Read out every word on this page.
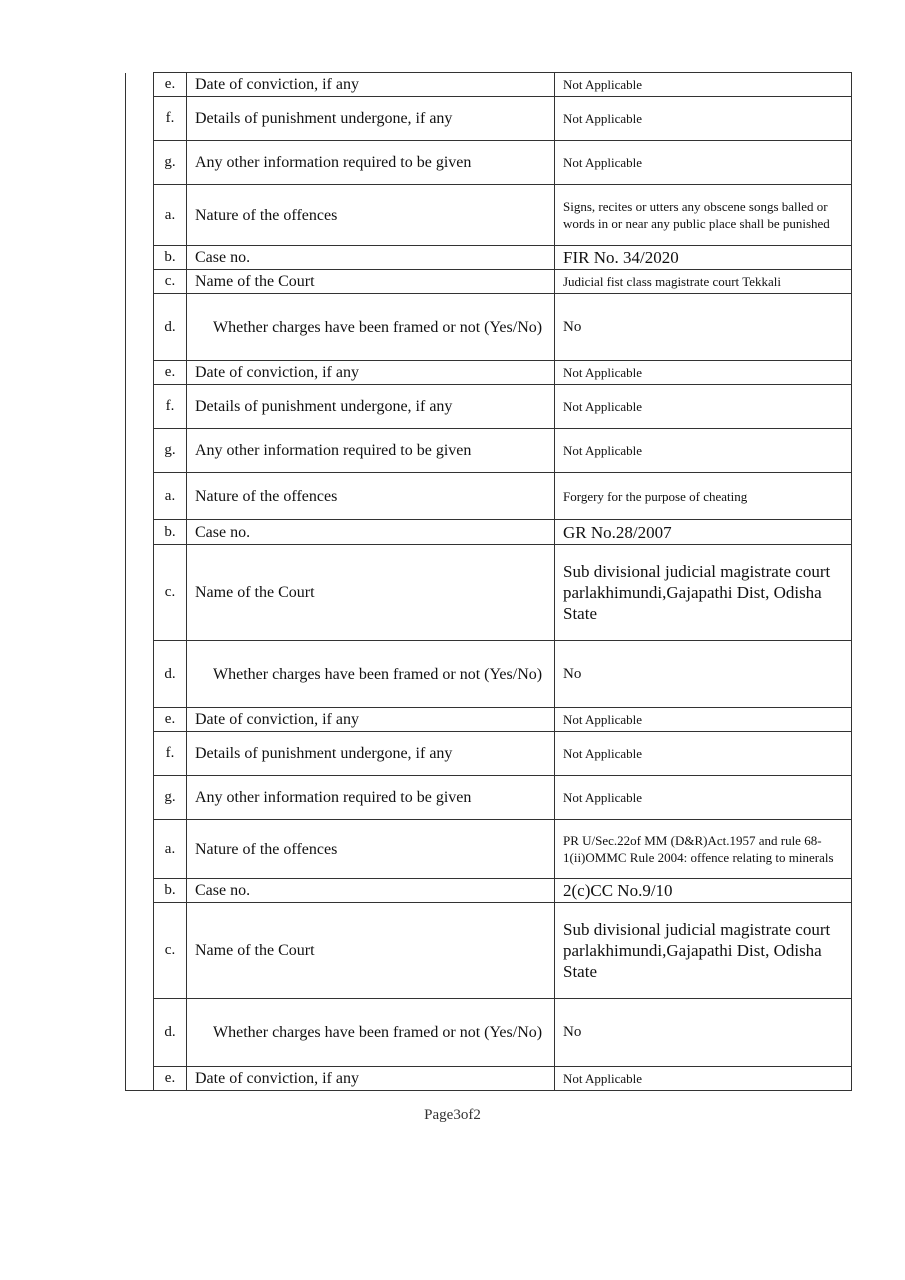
	e.	Date of conviction, if any	Not Applicable

	f.	Details of punishment undergone, if any	Not Applicable

	g.	Any other information required to be given	Not Applicable

	a.	Nature of the offences	Signs, recites or utters any obscene songs balled or words in or near any public place shall be punished

	b.	Case no.	FIR No. 34/2020

	c.	Name of the Court	Judicial fist class magistrate court Tekkali

	d.	Whether charges have been framed or not (Yes/No)	No

	e.	Date of conviction, if any	Not Applicable

	f.	Details of punishment undergone, if any	Not Applicable

	g.	Any other information required to be given	Not Applicable

	a.	Nature of the offences	Forgery for the purpose of cheating

	b.	Case no.	GR No.28/2007

	c.	Name of the Court	Sub divisional judicial magistrate court parlakhimundi,Gajapathi Dist, Odisha State

	d.	Whether charges have been framed or not (Yes/No)	No

	e.	Date of conviction, if any	Not Applicable

	f.	Details of punishment undergone, if any	Not Applicable

	g.	Any other information required to be given	Not Applicable

	a.	Nature of the offences	PR U/Sec.22of MM (D&R)Act.1957 and rule 68-1(ii)OMMC Rule 2004: offence relating to minerals

	b.	Case no.	2(c)CC No.9/10

	c.	Name of the Court	Sub divisional judicial magistrate court parlakhimundi,Gajapathi Dist, Odisha State

	d.	Whether charges have been framed or not (Yes/No)	No

	e.	Date of conviction, if any	Not Applicable
Page3of2
